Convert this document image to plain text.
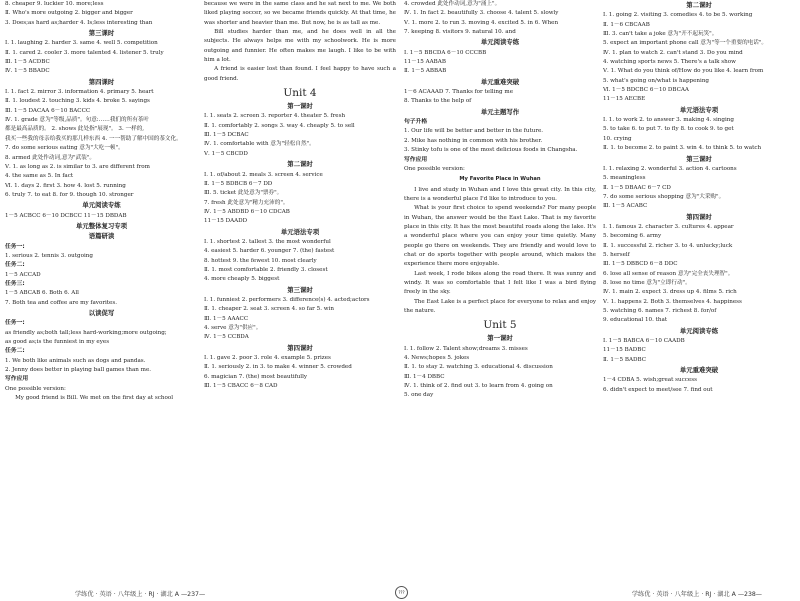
8. cheaper 9. luckier 10. more;less
Ⅱ. Who's more outgoing 2. bigger and bigger
3. Does;as hard as;harder 4. Is;less interesting than
第三课时
Ⅰ. 1. laughing 2. harder 3. same 4. well 5. competition
Ⅱ. 1. cared 2. cooler 3. more talented 4. listener 5. truly
Ⅲ. 1－5 ACDBC
Ⅳ. 1－5 BBADC
第四课时
Ⅰ. 1. fact 2. mirror 3. information 4. primary 5. heart
Ⅱ. 1. loudest 2. touching 3. kids 4. broke 5. sayings
Ⅲ. 1－5 DACAA 6－10 BACCC
Ⅳ. 1. grade 意为"等级,品质"。句意:……我们的所有茶叶
都是最高品质的。 2. shows 此处指"展现"。 3. 一样的,
我买一些我的母亲给我买的那几样东西 4. 一一帮助了解中国的茶文化。
7. do some serious eating 意为"大吃一顿"。
8. armed 此处作动词,意为"武装"。
Ⅴ. 1. as long as 2. is similar to 3. are different from
4. the same as 5. In fact
Ⅵ. 1. days 2. first 3. how 4. lost 5. running
6. truly 7. to eat 8. for 9. though 10. stronger
单元阅读专练
1－5 ACBCC 6－10 DCBCC 11－15 DBDAB
单元整体复习专项
语篇研读
任务一:
1. serious 2. tennis 3. outgoing
任务二:
1－5 ACCAD
任务三:
1－5 ABCAB 6. Both 6. All
7. Both tea and coffee are my favorites.
以读促写
任务一:
as friendly as;both tall;less hard-working;more outgoing;
as good as;is the funniest in my eyes
任务二:
1. We both like animals such as dogs and pandas.
2. Jenny does better in playing ball games than me.
写作应用
One possible version:
My good friend is Bill. We met on the first day at school
because we were in the same class and he sat next to me. We both liked playing soccer, so we became friends quickly. At that time, he was shorter and heavier than me. But now, he is as tall as me.
Bill studies harder than me, and he does well in all the subjects. He always helps me with my schoolwork. He is more outgoing and funnier. He often makes me laugh. I like to be with him a lot.
A friend is easier lost than found. I feel happy to have such a good friend.
Unit 4
第一课时
Ⅰ. 1. seats 2. screen 3. reporter 4. theater 5. fresh
Ⅱ. 1. comfortably 2. songs 3. way 4. cheaply 5. to sell
Ⅲ. 1－5 DCBAC
Ⅳ. 1. comfortable with 意为"轻松自然"。
Ⅴ. 1－5 CBCDD
第二课时
Ⅰ. 1. of/about 2. meals 3. screen 4. service
Ⅱ. 1－5 BDBCB 6－7 DD
Ⅲ. 5. ticket 此处意为"票券"。
7. fresh 此处意为"精力充沛的"。
Ⅳ. 1－5 ABDBD 6－10 CDCAB
11－15 DAADD
单元语法专项
Ⅰ. 1. shortest 2. tallest 3. the most wonderful
4. easiest 5. harder 6. younger 7. (the) fastest
8. hottest 9. the fewest 10. most clearly
Ⅱ. 1. most comfortable 2. friendly 3. closest
4. more cheaply 5. biggest
第三课时
Ⅰ. 1. funniest 2. performers 3. difference(s) 4. acted;actors
Ⅱ. 1. cheaper 2. seat 3. screen 4. so far 5. win
Ⅲ. 1－5 AAACC
4. serve 意为"供应"。
Ⅳ. 1－5 CCBDA
第四课时
Ⅰ. 1. gave 2. poor 3. role 4. example 5. prizes
Ⅱ. 1. seriously 2. in 3. to make 4. winner 5. crowded
6. magician 7. (the) most beautifully
Ⅲ. 1－5 CBACC 6－8 CAD
4. crowded 此处作动词,意为"涌上"。
Ⅳ. 1. In fact 2. beautifully 3. choose 4. talent 5. slowly
Ⅴ. 1. more 2. to run 3. moving 4. excited 5. in 6. When
7. keeping 8. visitors 9. natural 10. and
单元阅读专练
Ⅰ. 1－5 BBCDA 6－10 CCCBB
11－15 AABAB
Ⅱ. 1－5 ABBAB
单元重难突破
1－6 ACAAAD 7. Thanks for telling me
8. Thanks to the help of
单元主题写作
句子升格
1. Our life will be better and better in the future.
2. Mike has nothing in common with his brother.
3. Stinky tofu is one of the most delicious foods in Changsha.
写作应用
One possible version:
My Favorite Place in Wuhan
I live and study in Wuhan and I love this great city. In this city, there is a wonderful place I'd like to introduce to you.
What is your first choice to spend weekends? For many people in Wuhan, the answer would be the East Lake. That is my favorite place in this city. It has the most beautiful roads along the lake. It's a wonderful place where you can enjoy your time quietly. Many people go there on weekends. They are friendly and would love to chat or do sports together with people around, which makes the experience there more enjoyable.
Last week, I rode bikes along the road there. It was sunny and windy. It was so comfortable that I felt like I was a bird flying freely in the sky.
The East Lake is a perfect place for everyone to relax and enjoy the nature.
Unit 5
第一课时
Ⅰ. 1. follow 2. Talent show;dreams 3. misses
4. News;hopes 5. jokes
Ⅱ. 1. to stay 2. watching 3. educational 4. discussion
Ⅲ. 1－4 DBBC
Ⅳ. 1. think of 2. find out 3. to learn from 4. going on
5. one day
第二课时
Ⅰ. 1. going 2. visiting 3. comedies 4. to be 5. working
Ⅱ. 1－6 CBCAAB
Ⅲ. 3. can't take a joke 意为"开不起玩笑"。
5. expect an important phone call 意为"等一个重要的电话"。
Ⅳ. 1. plan to watch 2. can't stand 3. Do you mind
4. watching sports news 5. There's a talk show
Ⅴ. 1. What do you think of/How do you like 4. learn from
5. what's going on/what is happening
Ⅵ. 1－5 BDCBC 6－10 DBCAA
11－15 AECBE
单元语法专项
Ⅰ. 1. to work 2. to answer 3. making 4. singing
5. to take 6. to put 7. to fly 8. to cook 9. to get
10. crying
Ⅱ. 1. to become 2. to paint 3. win 4. to think 5. to watch
第三课时
Ⅰ. 1. relaxing 2. wonderful 3. action 4. cartoons
5. meaningless
Ⅱ. 1－5 DBAAC 6－7 CD
7. do some serious shopping 意为"大采购"。
Ⅲ. 1－5 ACABC
第四课时
Ⅰ. 1. famous 2. character 3. cultures 4. appear
5. becoming 6. army
Ⅱ. 1. successful 2. richer 3. to 4. unlucky;luck
5. herself
Ⅲ. 1－5 DBBCD 6－8 DDC
6. lose all sense of reason 意为"完全丧失理智"。
8. lose no time 意为"立即行动"。
Ⅳ. 1. main 2. expect 3. dress up 4. films 5. rich
Ⅴ. 1. happens 2. Both 3. themselves 4. happiness
5. watching 6. names 7. richest 8. for/of
9. educational 10. that
单元阅读专练
Ⅰ. 1－5 BABCA 6－10 CAADB
11－15 BADBC
Ⅱ. 1－5 BADBC
单元重难突破
1－4 CDBA 5. wish;great success
6. didn't expect to meet/see 7. find out
学练优 · 英语 · 八年级上 · RJ · 湖北 A —237—	???	学练优 · 英语 · 八年级上 · RJ · 湖北 A —238—
